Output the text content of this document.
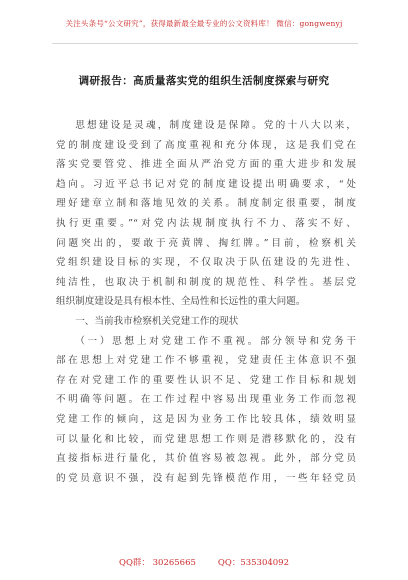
关注头条号“公文研究”，获得最新最全最专业的公文资料库！ 微信：gongwenyj
调研报告：高质量落实党的组织生活制度探索与研究
思想建设是灵魂，制度建设是保障。党的十八大以来，
党的制度建设受到了高度重视和充分体现，这是我们党在
落实党要管党、推进全面从严治党方面的重大进步和发展
趋向。习近平总书记对党的制度建设提出明确要求，“处
理好建章立制和落地见效的关系。制度制定很重要，制度
执行更重要。”“对党内法规制度执行不力、落实不好、
问题突出的，要敢于亮黄牌、掏红牌。”目前，检察机关
党组织建设目标的实现，不仅取决于队伍建设的先进性、
纯洁性，也取决于机制和制度的规范性、科学性。基层党
组织制度建设是具有根本性、全局性和长远性的重大问题。
一、当前我市检察机关党建工作的现状
（一）思想上对党建工作不重视。部分领导和党务干
部在思想上对党建工作不够重视，党建责任主体意识不强
存在对党建工作的重要性认识不足、党建工作目标和规划
不明确等问题。在工作过程中容易出现重业务工作而忽视
党建工作的倾向，这是因为业务工作比较具体，绩效明显
可以量化和比较，而党建思想工作则是潜移默化的，没有
直接指标进行量化，其价值容易被忽视。此外，部分党员
的党员意识不强，没有起到先锋模范作用，一些年轻党员
QQ群： 30265665	QQ：535304092
